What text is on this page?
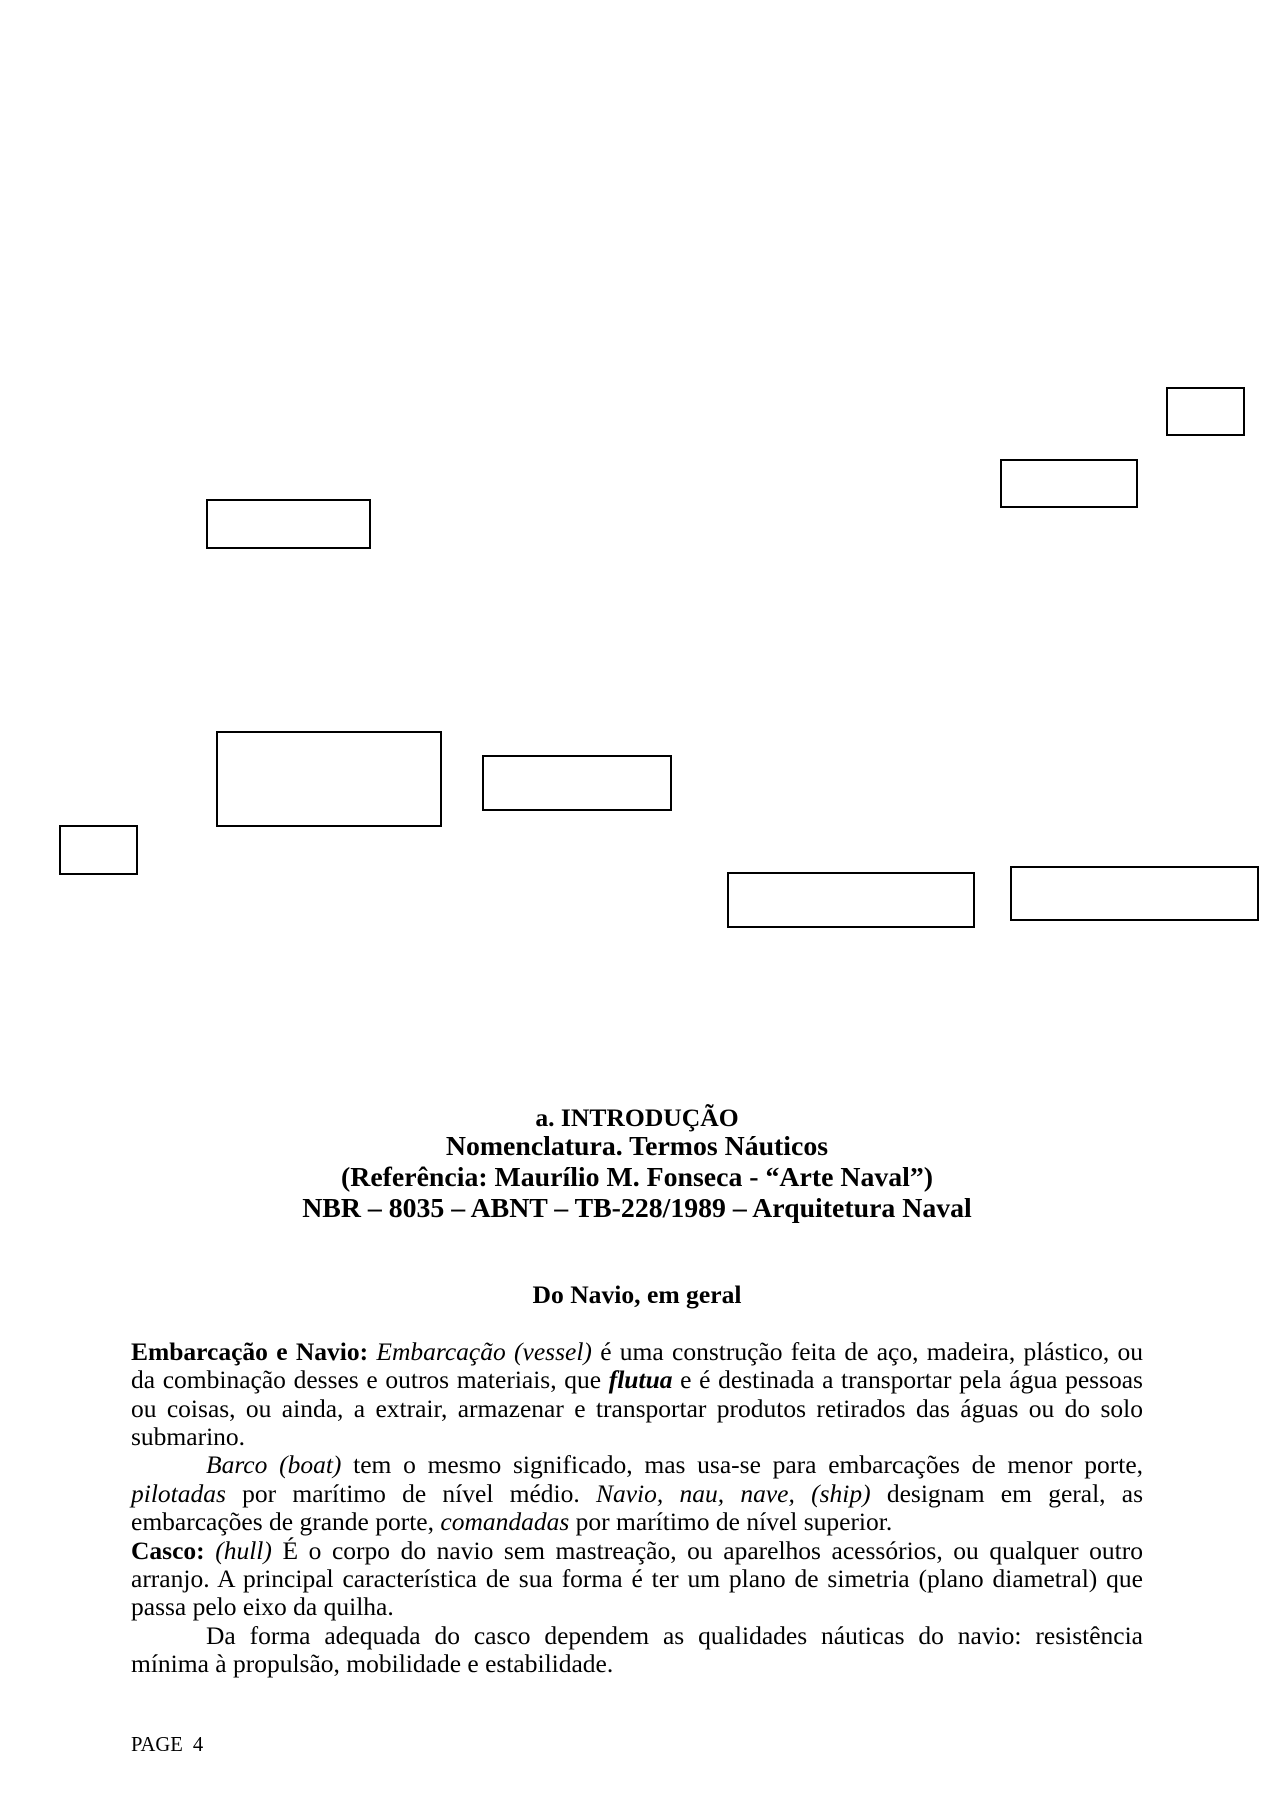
a. INTRODUÇÃO
Nomenclatura. Termos Náuticos
(Referência: Maurílio M. Fonseca - “Arte Naval”)
NBR – 8035 – ABNT – TB-228/1989 – Arquitetura Naval
Do Navio, em geral

Embarcação e Navio: Embarcação (vessel) é uma construção feita de aço, madeira, plástico, ou da combinação desses e outros materiais, que flutua e é destinada a transportar pela água pessoas ou coisas, ou ainda, a extrair, armazenar e transportar produtos retirados das águas ou do solo submarino.

Barco (boat) tem o mesmo significado, mas usa-se para embarcações de menor porte, pilotadas por marítimo de nível médio. Navio, nau, nave, (ship) designam em geral, as embarcações de grande porte, comandadas por marítimo de nível superior.

Casco: (hull) É o corpo do navio sem mastreação, ou aparelhos acessórios, ou qualquer outro arranjo. A principal característica de sua forma é ter um plano de simetria (plano diametral) que passa pelo eixo da quilha.

Da forma adequada do casco dependem as qualidades náuticas do navio: resistência mínima à propulsão, mobilidade e estabilidade.

PAGE 4
